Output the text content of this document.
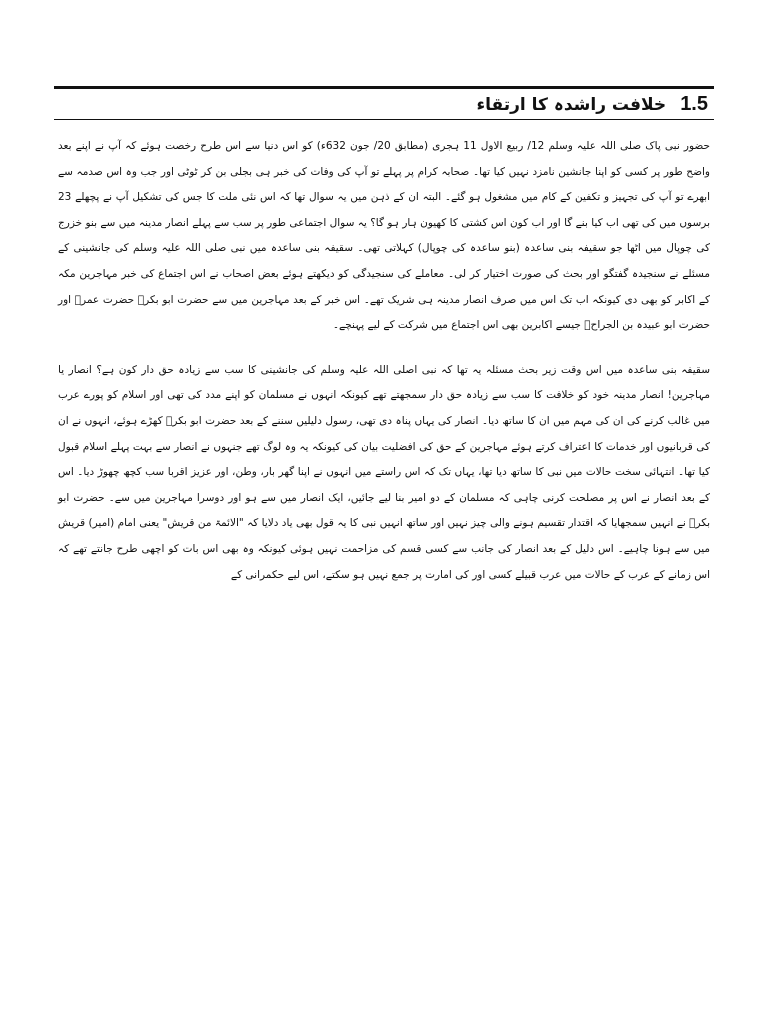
1.5
خلافت راشدہ کا ارتقاء

حضور نبی پاک صلی اللہ علیہ وسلم 12/ ربیع الاول 11 ہجری (مطابق 20/ جون 632ء) کو اس دنیا سے اس طرح رخصت ہوئے کہ آپ نے اپنے بعد واضح طور پر کسی کو اپنا جانشین نامزد نہیں کیا تھا۔ صحابہ کرام پر پہلے تو آپ کی وفات کی خبر ہی بجلی بن کر ٹوٹی اور جب وہ اس صدمہ سے ابھرے تو آپ کی تجہیز و تکفین کے کام میں مشغول ہو گئے۔ البتہ ان کے ذہن میں یہ سوال تھا کہ اس نئی ملت کا جس کی تشکیل آپ نے پچھلے 23 برسوں میں کی تھی اب کیا بنے گا اور اب کون اس کشتی کا کھیون ہار ہو گا؟ یہ سوال اجتماعی طور پر سب سے پہلے انصار مدینہ میں سے بنو خزرج کی چوپال میں اٹھا جو سقیفہ بنی ساعدہ (بنو ساعدہ کی چوپال) کہلاتی تھی۔ سقیفہ بنی ساعدہ میں نبی صلی اللہ علیہ وسلم کی جانشینی کے مسئلے نے سنجیدہ گفتگو اور بحث کی صورت اختیار کر لی۔ معاملے کی سنجیدگی کو دیکھتے ہوئے بعض اصحاب نے اس اجتماع کی خبر مہاجرین مکہ کے اکابر کو بھی دی کیونکہ اب تک اس میں صرف انصار مدینہ ہی شریک تھے۔ اس خبر کے بعد مہاجرین میں سے حضرت ابو بکرؓ حضرت عمرؓ اور حضرت ابو عبیدہ بن الجراحؓ جیسے اکابرین بھی اس اجتماع میں شرکت کے لیے پہنچے۔

سقیفہ بنی ساعدہ میں اس وقت زیر بحث مسئلہ یہ تھا کہ نبی اصلی اللہ علیہ وسلم کی جانشینی کا سب سے زیادہ حق دار کون ہے؟ انصار یا مہاجرین! انصار مدینہ خود کو خلافت کا سب سے زیادہ حق دار سمجھتے تھے کیونکہ انہوں نے مسلمان کو اپنے مدد کی تھی اور اسلام کو پورے عرب میں غالب کرنے کی ان کی مہم میں ان کا ساتھ دیا۔ انصار کی یہاں پناہ دی تھی، رسول دلیلیں سننے کے بعد حضرت ابو بکرؓ کھڑے ہوئے، انہوں نے ان کی قربانیوں اور خدمات کا اعتراف کرتے ہوئے مہاجرین کے حق کی افضلیت بیان کی کیونکہ یہ وہ لوگ تھے جنہوں نے انصار سے بہت پہلے اسلام قبول کیا تھا۔ انتہائی سخت حالات میں نبی کا ساتھ دیا تھا، یہاں تک کہ اس راستے میں انہوں نے اپنا گھر بار، وطن، اور عزیز اقربا سب کچھ چھوڑ دیا۔ اس کے بعد انصار نے اس پر مصلحت کرنی چاہی کہ مسلمان کے دو امیر بنا لیے جائیں، ایک انصار میں سے ہو اور دوسرا مہاجرین میں سے۔ حضرت ابو بکرؓ نے انہیں سمجھایا کہ اقتدار تقسیم ہونے والی چیز نہیں اور ساتھ انہیں نبی کا یہ قول بھی یاد دلایا کہ "الائمۃ من قریش" یعنی امام (امیر) قریش میں سے ہونا چاہیے۔ اس دلیل کے بعد انصار کی جانب سے کسی قسم کی مزاحمت نہیں ہوئی کیونکہ وہ بھی اس بات کو اچھی طرح جانتے تھے کہ اس زمانے کے عرب کے حالات میں عرب قبیلے کسی اور کی امارت پر جمع نہیں ہو سکتے، اس لیے حکمرانی کے
